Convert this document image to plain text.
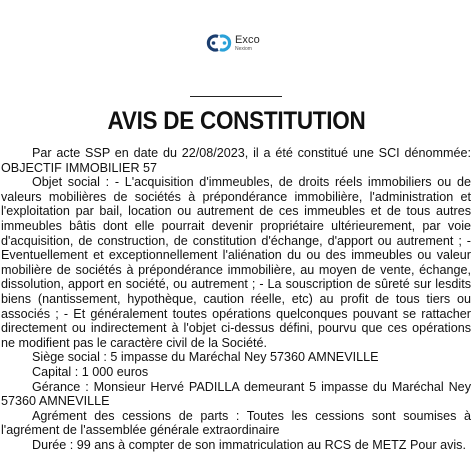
Exco
Nexiom
AVIS DE CONSTITUTION

Par acte SSP en date du 22/08/2023, il a été constitué une SCI dénommée: OBJECTIF IMMOBILIER 57

Objet social : - L'acquisition d'immeubles, de droits réels immobiliers ou de valeurs mobilières de sociétés à prépondérance immobilière, l'administration et l'exploitation par bail, location ou autrement de ces immeubles et de tous autres immeubles bâtis dont elle pourrait devenir propriétaire ultérieurement, par voie d'acquisition, de construction, de constitution d'échange, d'apport ou autrement ; - Eventuellement et exceptionnellement l'aliénation du ou des immeubles ou valeur mobilière de sociétés à prépondérance immobilière, au moyen de vente, échange, dissolution, apport en société, ou autrement ; - La souscription de sûreté sur lesdits biens (nantissement, hypothèque, caution réelle, etc) au profit de tous tiers ou associés ; - Et généralement toutes opérations quelconques pouvant se rattacher directement ou indirectement à l'objet ci-dessus défini, pourvu que ces opérations ne modifient pas le caractère civil de la Société.

Siège social : 5 impasse du Maréchal Ney 57360 AMNEVILLE

Capital : 1 000 euros

Gérance : Monsieur Hervé PADILLA demeurant 5 impasse du Maréchal Ney 57360 AMNEVILLE

Agrément des cessions de parts : Toutes les cessions sont soumises à l'agrément de l'assemblée générale extraordinaire

Durée : 99 ans à compter de son immatriculation au RCS de METZ Pour avis.
